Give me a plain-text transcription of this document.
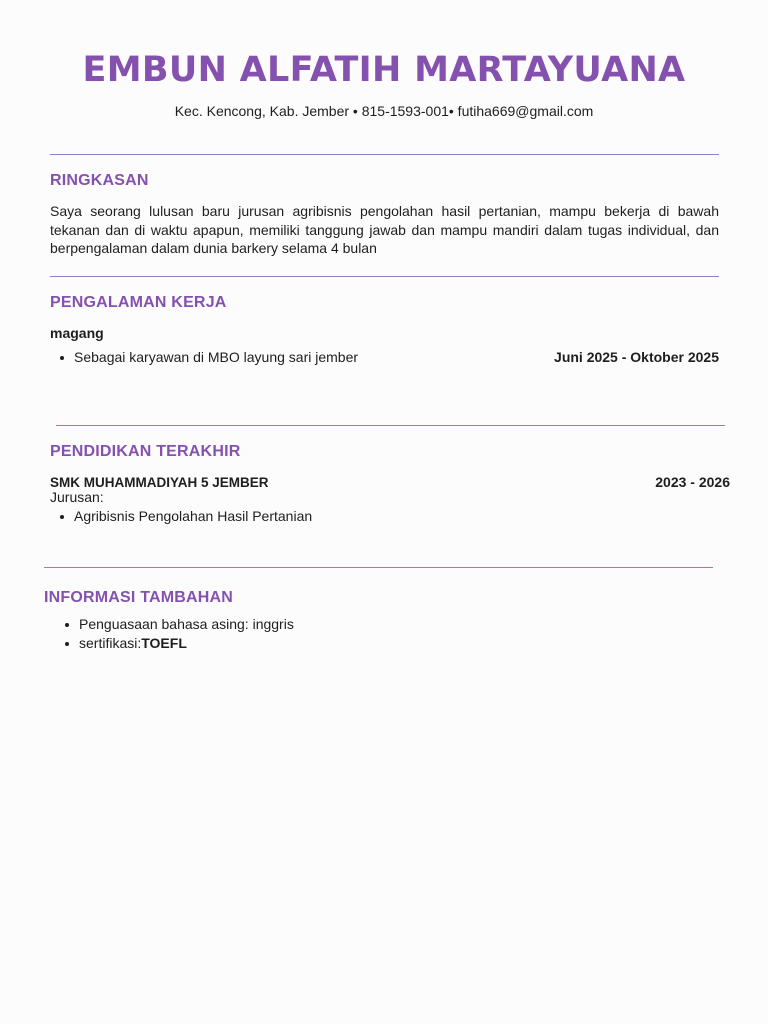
EMBUN ALFATIH MARTAYUANA
Kec. Kencong, Kab. Jember • 815-1593-001• futiha669@gmail.com
RINGKASAN

Saya seorang lulusan baru jurusan agribisnis pengolahan hasil pertanian, mampu bekerja di bawah tekanan dan di waktu apapun, memiliki tanggung jawab dan mampu mandiri dalam tugas individual, dan berpengalaman dalam dunia barkery selama 4 bulan

PENGALAMAN KERJA
magang
Sebagai karyawan di MBO layung sari jember	Juni 2025 - Oktober 2025
PENDIDIKAN TERAKHIR
SMK MUHAMMADIYAH 5 JEMBER	2023 - 2026
Jurusan:
Agribisnis Pengolahan Hasil Pertanian
INFORMASI TAMBAHAN
Penguasaan bahasa asing: inggris
sertifikasi:TOEFL
